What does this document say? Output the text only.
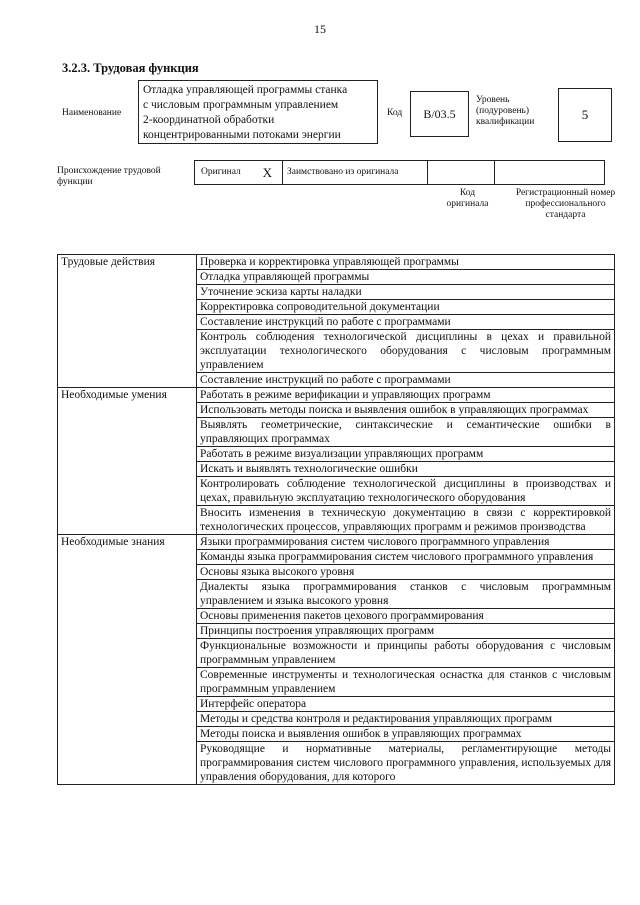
15
3.2.3. Трудовая функция
Наименование
Отладка управляющей программы станка
с числовым программным управлением
2-координатной обработки
концентрированными потоками энергии
Код	B/03.5
Уровень (подуровень) квалификации	5
Происхождение трудовой функции
Оригинал X Заимствовано из оригинала
Код оригинала
Регистрационный номер профессионального стандарта
Трудовые действия	Проверка и корректировка управляющей программы
	Отладка управляющей программы
	Уточнение эскиза карты наладки
	Корректировка сопроводительной документации
	Составление инструкций по работе с программами
	Контроль соблюдения технологической дисциплины в цехах и правильной эксплуатации технологического оборудования с числовым программным управлением
	Составление инструкций по работе с программами
Необходимые умения	Работать в режиме верификации и управляющих программ
	Использовать методы поиска и выявления ошибок в управляющих программах
	Выявлять геометрические, синтаксические и семантические ошибки в управляющих программах
	Работать в режиме визуализации управляющих программ
	Искать и выявлять технологические ошибки
	Контролировать соблюдение технологической дисциплины в производствах и цехах, правильную эксплуатацию технологического оборудования
	Вносить изменения в техническую документацию в связи с корректировкой технологических процессов, управляющих программ и режимов производства
Необходимые знания	Языки программирования систем числового программного управления
	Команды языка программирования систем числового программного управления
	Основы языка высокого уровня
	Диалекты языка программирования станков с числовым программным управлением и языка высокого уровня
	Основы применения пакетов цехового программирования
	Принципы построения управляющих программ
	Функциональные возможности и принципы работы оборудования с числовым программным управлением
	Современные инструменты и технологическая оснастка для станков с числовым программным управлением
	Интерфейс оператора
	Методы и средства контроля и редактирования управляющих программ
	Методы поиска и выявления ошибок в управляющих программах
	Руководящие и нормативные материалы, регламентирующие методы программирования систем числового программного управления, используемых для управления оборудования, для которого
